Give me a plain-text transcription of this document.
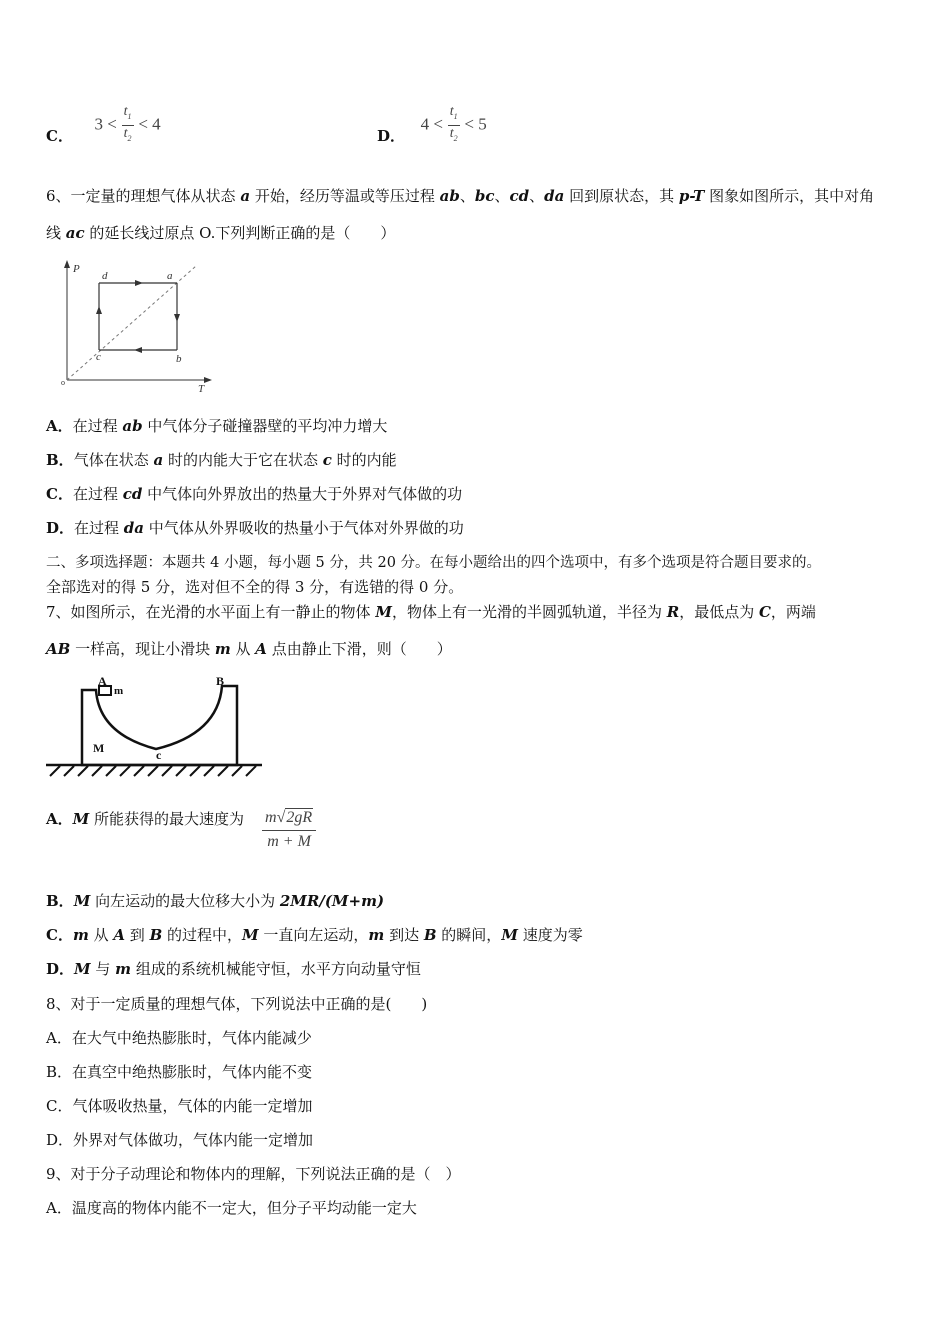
C．  $3 < \frac{t_1}{t_2} < 4$
D．  $4 < \frac{t_1}{t_2} < 5$
6、一定量的理想气体从状态 a 开始，经历等温或等压过程 ab、bc、cd、da 回到原状态，其 p-T 图象如图所示，其中对角
线 ac 的延长线过原点 O.下列判断正确的是（　　）
P
T
o
d	a
b
c
A．在过程 ab 中气体分子碰撞器壁的平均冲力增大
B．气体在状态 a 时的内能大于它在状态 c 时的内能
C．在过程 cd 中气体向外界放出的热量大于外界对气体做的功
D．在过程 da 中气体从外界吸收的热量小于气体对外界做的功
二、多项选择题：本题共 4 小题，每小题 5 分，共 20 分。在每小题给出的四个选项中，有多个选项是符合题目要求的。
全部选对的得 5 分，选对但不全的得 3 分，有选错的得 0 分。
7、如图所示，在光滑的水平面上有一静止的物体 M，物体上有一光滑的半圆弧轨道，半径为 R，最低点为 C，两端
AB 一样高，现让小滑块 m 从 A 点由静止下滑，则（　　）
A	B
m
M	c
A．M 所能获得的最大速度为 $\frac{m√2gR}{m + M}$
B．M 向左运动的最大位移大小为 2MR/(M+m)
C．m 从 A 到 B 的过程中，M 一直向左运动，m 到达 B 的瞬间，M 速度为零
D．M 与 m 组成的系统机械能守恒，水平方向动量守恒
8、对于一定质量的理想气体，下列说法中正确的是(　　)
A．在大气中绝热膨胀时，气体内能减少
B．在真空中绝热膨胀时，气体内能不变
C．气体吸收热量，气体的内能一定增加
D．外界对气体做功，气体内能一定增加
9、对于分子动理论和物体内的理解，下列说法正确的是（　）
A．温度高的物体内能不一定大，但分子平均动能一定大
